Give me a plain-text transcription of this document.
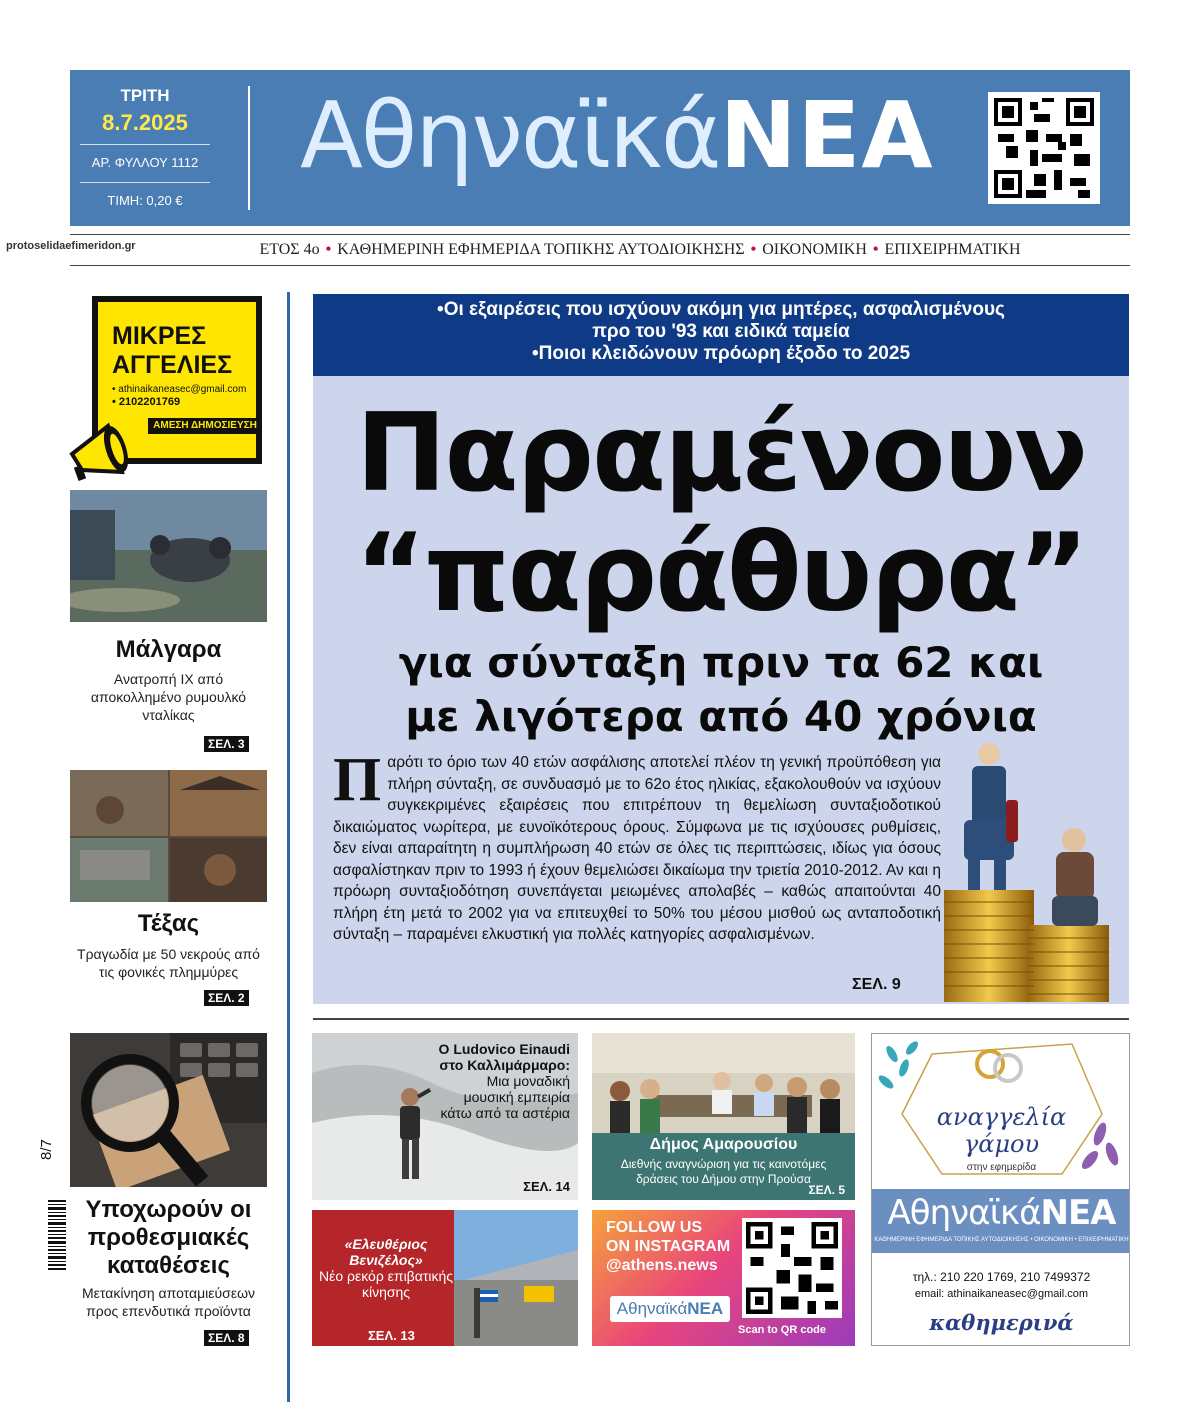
ΤΡΙΤΗ
8.7.2025
ΑΡ. ΦΥΛΛΟΥ 1112
ΤΙΜΗ: 0,20 €
ΑθηναϊκάΝΕΑ
protoselidaefimeridon.gr	ΕΤΟΣ 4ο • ΚΑΘΗΜΕΡΙΝΗ ΕΦΗΜΕΡΙΔΑ ΤΟΠΙΚΗΣ ΑΥΤΟΔΙΟΙΚΗΣΗΣ • ΟΙΚΟΝΟΜΙΚΗ • ΕΠΙΧΕΙΡΗΜΑΤΙΚΗ
ΜΙΚΡΕΣ
ΑΓΓΕΛΙΕΣ
• athinaikaneasec@gmail.com
• 2102201769
ΑΜΕΣΗ ΔΗΜΟΣΙΕΥΣΗ
Μάλγαρα
Ανατροπή ΙΧ από αποκολλημένο ρυμουλκό νταλίκας
ΣΕΛ. 3
Τέξας
Τραγωδία με 50 νεκρούς από τις φονικές πλημμύρες
ΣΕΛ. 2
Υποχωρούν οι προθεσμιακές καταθέσεις
Μετακίνηση αποταμιεύσεων προς επενδυτικά προϊόντα
ΣΕΛ. 8
8/7
•Οι εξαιρέσεις που ισχύουν ακόμη για μητέρες, ασφαλισμένους προ του '93 και ειδικά ταμεία
•Ποιοι κλειδώνουν πρόωρη έξοδο το 2025
Παραμένουν
“παράθυρα”
για σύνταξη πριν τα 62 και
με λιγότερα από 40 χρόνια
Παρότι το όριο των 40 ετών ασφάλισης αποτελεί πλέον τη γενική προϋπόθεση για πλήρη σύνταξη, σε συνδυασμό με το 62ο έτος ηλικίας, εξακολουθούν να ισχύουν συγκεκριμένες εξαιρέσεις που επιτρέπουν τη θεμελίωση συνταξιοδοτικού δικαιώματος νωρίτερα, με ευνοϊκότερους όρους. Σύμφωνα με τις ισχύουσες ρυθμίσεις, δεν είναι απαραίτητη η συμπλήρωση 40 ετών σε όλες τις περιπτώσεις, ιδίως για όσους ασφαλίστηκαν πριν το 1993 ή έχουν θεμελιώσει δικαίωμα την τριετία 2010-2012. Αν και η πρόωρη συνταξιοδότηση συνεπάγεται μειωμένες απολαβές – καθώς απαιτούνται 40 πλήρη έτη μετά το 2002 για να επιτευχθεί το 50% του μέσου μισθού ως ανταποδοτική σύνταξη – παραμένει ελκυστική για πολλές κατηγορίες ασφαλισμένων.
ΣΕΛ. 9
Ο Ludovico Einaudi στο Καλλιμάρμαρο:
Μια μοναδική μουσική εμπειρία κάτω από τα αστέρια
ΣΕΛ. 14
Δήμος Αμαρουσίου
Διεθνής αναγνώριση για τις καινοτόμες δράσεις του Δήμου στην Προύσα
ΣΕΛ. 5
«Ελευθέριος Βενιζέλος»
Νέο ρεκόρ επιβατικής κίνησης
ΣΕΛ. 13
FOLLOW US
ON INSTAGRAM
@athens.news
ΑθηναϊκάΝΕΑ
Scan to QR code
αναγγελία
γάμου
στην εφημερίδα
ΑθηναϊκάΝΕΑ
ΚΑΘΗΜΕΡΙΝΗ ΕΦΗΜΕΡΙΔΑ ΤΟΠΙΚΗΣ ΑΥΤΟΔΙΟΙΚΗΣΗΣ • ΟΙΚΟΝΟΜΙΚΗ • ΕΠΙΧΕΙΡΗΜΑΤΙΚΗ
τηλ.: 210 220 1769, 210 7499372
email: athinaikaneasec@gmail.com
καθημερινά
